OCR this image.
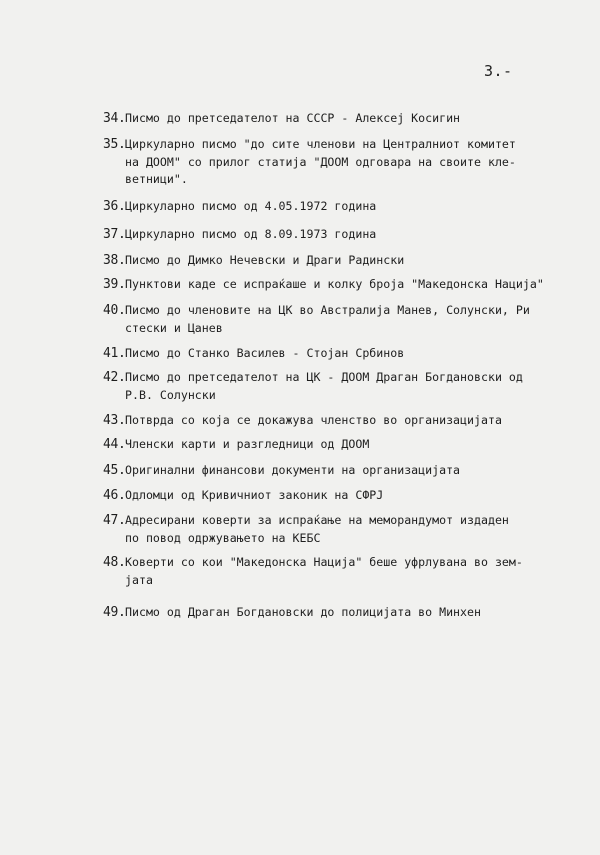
3.-
34.Писмо до претседателот на СССР - Алексеј Косигин
35.Циркуларно писмо "до сите членови на Централниот комитет
на ДООМ" со прилог статија "ДООМ одговара на своите кле-
ветници".
36.Циркуларно писмо од 4.05.1972 година
37.Циркуларно писмо од 8.09.1973 година
38.Писмо до Димко Нечевски и Драги Радински
39.Пунктови каде се испраќаше и колку броја "Македонска Нација"
40.Писмо до членовите на ЦК во Австралија Манев, Солунски, Ри
стески и Цанев
41.Писмо до Станко Василев - Стојан Србинов
42.Писмо до претседателот на ЦК - ДООМ Драган Богдановски од
Р.В. Солунски
43.Потврда со која се докажува членство во организацијата
44.Членски карти и разгледници од ДООМ
45.Оригинални финансови документи на организацијата
46.Одломци од Кривичниот законик на СФРЈ
47.Адресирани коверти за испраќање на меморандумот издаден
по повод одржувањето на КЕБС
48.Коверти со кои "Македонска Нација" беше уфрлувана во зем-
јата
49.Писмо од Драган Богдановски до полицијата во Минхен
